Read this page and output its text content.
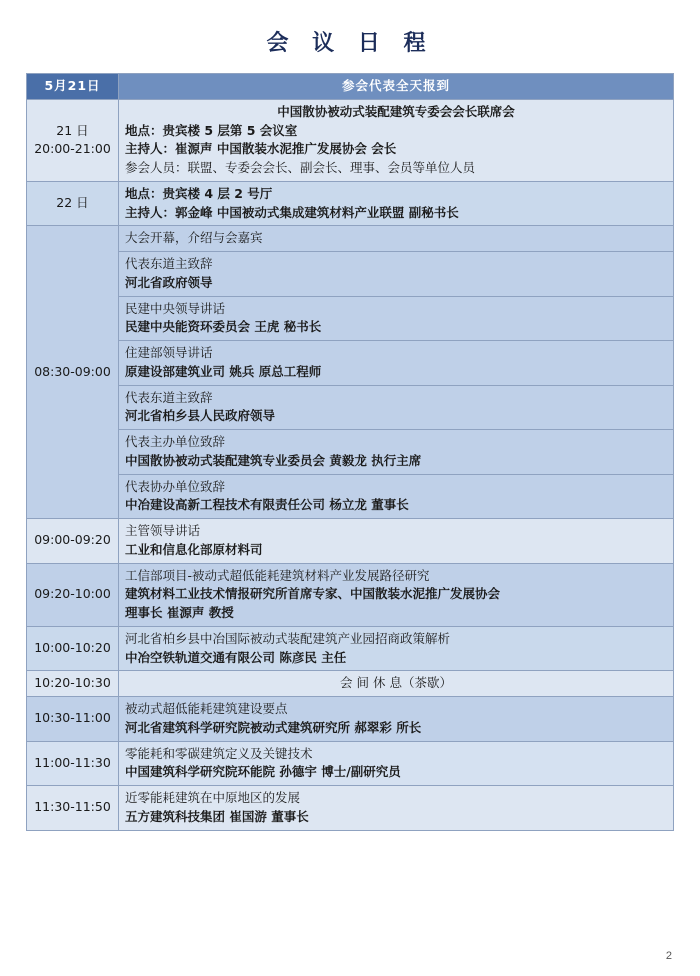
会 议 日 程
5月21日	参会代表全天报到

21 日
20:00-21:00	中国散协被动式装配建筑专委会会长联席会
地点：贵宾楼 5 层第 5 会议室
主持人：崔源声 中国散装水泥推广发展协会 会长
参会人员：联盟、专委会会长、副会长、理事、会员等单位人员

22 日	地点：贵宾楼 4 层 2 号厅
主持人：郭金峰 中国被动式集成建筑材料产业联盟 副秘书长

08:30-09:00	大会开幕，介绍与会嘉宾

	代表东道主致辞
河北省政府领导

	民建中央领导讲话
民建中央能资环委员会 王虎 秘书长

	住建部领导讲话
原建设部建筑业司 姚兵 原总工程师

	代表东道主致辞
河北省柏乡县人民政府领导

	代表主办单位致辞
中国散协被动式装配建筑专业委员会 黄毅龙 执行主席

	代表协办单位致辞
中冶建设高新工程技术有限责任公司 杨立龙 董事长

09:00-09:20	主管领导讲话
工业和信息化部原材料司

09:20-10:00	工信部项目-被动式超低能耗建筑材料产业发展路径研究
建筑材料工业技术情报研究所首席专家、中国散装水泥推广发展协会
理事长 崔源声 教授

10:00-10:20	河北省柏乡县中冶国际被动式装配建筑产业园招商政策解析
中冶空铁轨道交通有限公司 陈彦民 主任

10:20-10:30	会 间 休 息（茶歇）

10:30-11:00	被动式超低能耗建筑建设要点
河北省建筑科学研究院被动式建筑研究所 郝翠彩 所长

11:00-11:30	零能耗和零碳建筑定义及关键技术
中国建筑科学研究院环能院 孙德宇 博士/副研究员

11:30-11:50	近零能耗建筑在中原地区的发展
五方建筑科技集团 崔国游 董事长
2
